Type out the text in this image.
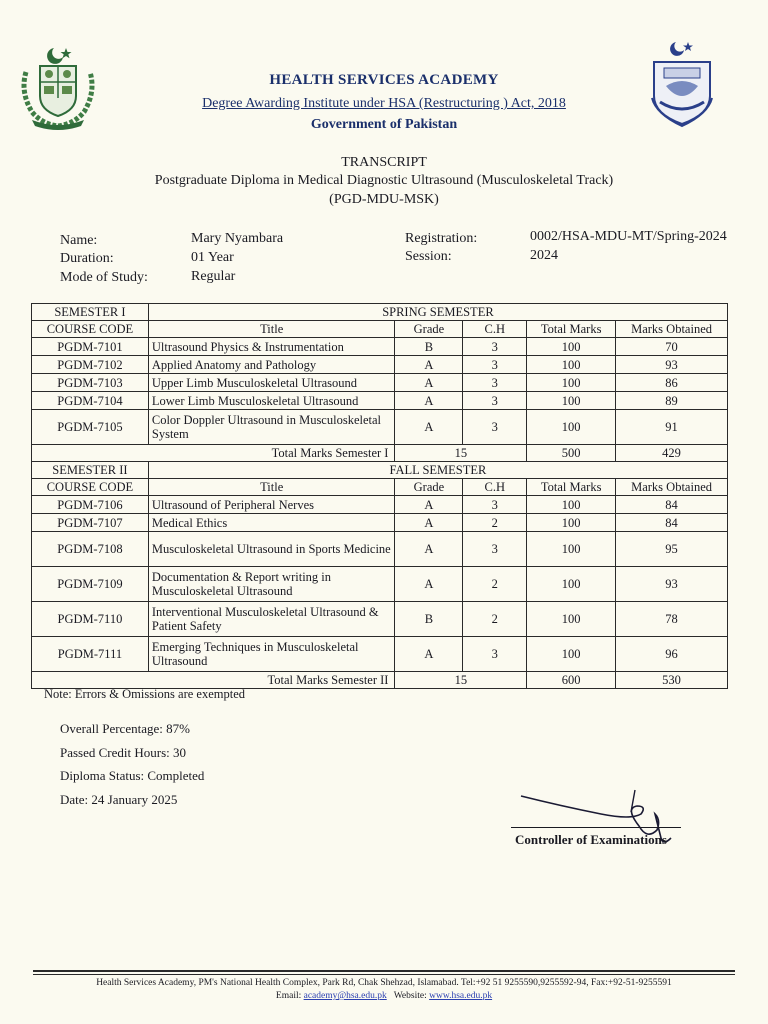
HEALTH SERVICES ACADEMY
Degree Awarding Institute under HSA (Restructuring ) Act, 2018
Government of Pakistan
TRANSCRIPT
Postgraduate Diploma in Medical Diagnostic Ultrasound (Musculoskeletal Track)
(PGD-MDU-MSK)
Name:	Mary Nyambara
Duration:	01 Year
Mode of Study:	Regular
Registration:	0002/HSA-MDU-MT/Spring-2024
Session:	2024
SEMESTER I	SPRING SEMESTER				
COURSE CODE	Title	Grade	C.H	Total Marks	Marks Obtained
PGDM-7101	Ultrasound Physics & Instrumentation	B	3	100	70
PGDM-7102	Applied Anatomy and Pathology	A	3	100	93
PGDM-7103	Upper Limb Musculoskeletal Ultrasound	A	3	100	86
PGDM-7104	Lower Limb Musculoskeletal Ultrasound	A	3	100	89
PGDM-7105	Color Doppler Ultrasound in Musculoskeletal System	A	3	100	91
Total Marks Semester I		15		500	429
SEMESTER II	FALL SEMESTER				
COURSE CODE	Title	Grade	C.H	Total Marks	Marks Obtained
PGDM-7106	Ultrasound of Peripheral Nerves	A	3	100	84
PGDM-7107	Medical Ethics	A	2	100	84
PGDM-7108	Musculoskeletal Ultrasound in Sports Medicine	A	3	100	95
PGDM-7109	Documentation & Report writing in Musculoskeletal Ultrasound	A	2	100	93
PGDM-7110	Interventional Musculoskeletal Ultrasound & Patient Safety	B	2	100	78
PGDM-7111	Emerging Techniques in Musculoskeletal Ultrasound	A	3	100	96
Total Marks Semester II		15		600	530
Note: Errors & Omissions are exempted
Overall Percentage: 87%
Passed Credit Hours: 30
Diploma Status: Completed
Date: 24 January 2025
Controller of Examinations
Health Services Academy, PM's National Health Complex, Park Rd, Chak Shehzad, Islamabad. Tel:+92 51 9255590,9255592-94, Fax:+92-51-9255591
Email: academy@hsa.edu.pk Website: www.hsa.edu.pk
